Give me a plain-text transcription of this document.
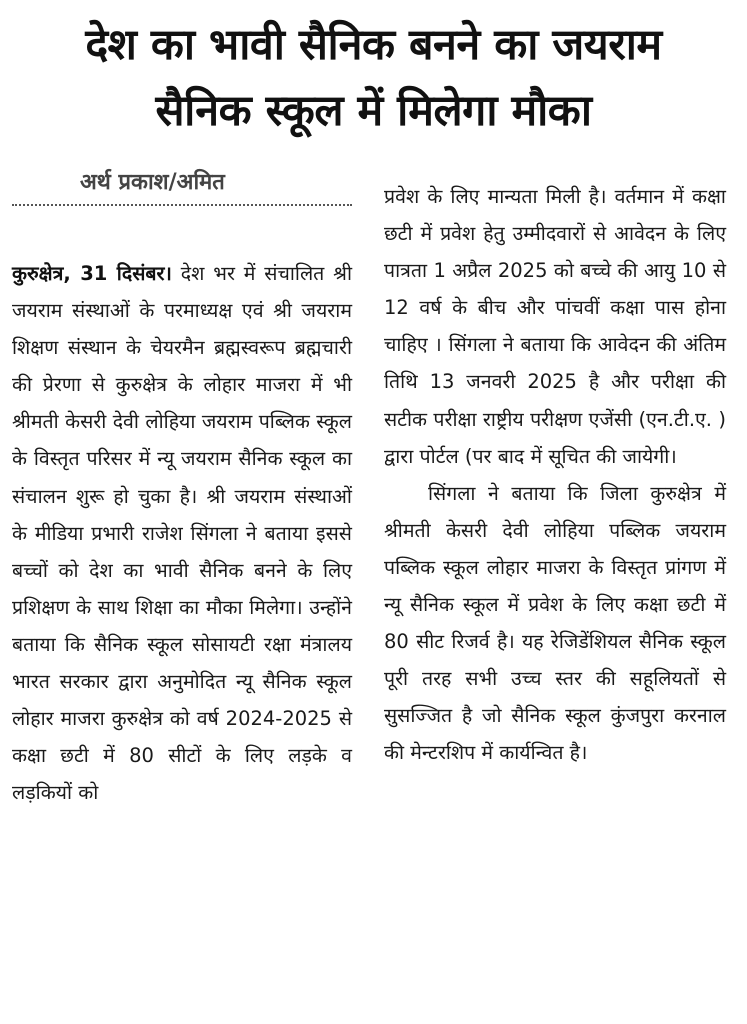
देश का भावी सैनिक बनने का जयराम
सैनिक स्कूल में मिलेगा मौका
अर्थ प्रकाश/अमित

कुरुक्षेत्र, 31 दिसंबर। देश भर में संचालित श्री जयराम संस्थाओं के परमाध्यक्ष एवं श्री जयराम शिक्षण संस्थान के चेयरमैन ब्रह्मस्वरूप ब्रह्मचारी की प्रेरणा से कुरुक्षेत्र के लोहार माजरा में भी श्रीमती केसरी देवी लोहिया जयराम पब्लिक स्कूल के विस्तृत परिसर में न्यू जयराम सैनिक स्कूल का संचालन शुरू हो चुका है। श्री जयराम संस्थाओं के मीडिया प्रभारी राजेश सिंगला ने बताया इससे बच्चों को देश का भावी सैनिक बनने के लिए प्रशिक्षण के साथ शिक्षा का मौका मिलेगा। उन्होंने बताया कि सैनिक स्कूल सोसायटी रक्षा मंत्रालय भारत सरकार द्वारा अनुमोदित न्यू सैनिक स्कूल लोहार माजरा कुरुक्षेत्र को वर्ष 2024-2025 से कक्षा छटी में 80 सीटों के लिए लड़के व लड़कियों को

प्रवेश के लिए मान्यता मिली है। वर्तमान में कक्षा छटी में प्रवेश हेतु उम्मीदवारों से आवेदन के लिए पात्रता 1 अप्रैल 2025 को बच्चे की आयु 10 से 12 वर्ष के बीच और पांचवीं कक्षा पास होना चाहिए । सिंगला ने बताया कि आवेदन की अंतिम तिथि 13 जनवरी 2025 है और परीक्षा की सटीक परीक्षा राष्ट्रीय परीक्षण एजेंसी (एन.टी.ए. ) द्वारा पोर्टल (पर बाद में सूचित की जायेगी।

सिंगला ने बताया कि जिला कुरुक्षेत्र में श्रीमती केसरी देवी लोहिया पब्लिक जयराम पब्लिक स्कूल लोहार माजरा के विस्तृत प्रांगण में न्यू सैनिक स्कूल में प्रवेश के लिए कक्षा छटी में 80 सीट रिजर्व है। यह रेजिडेंशियल सैनिक स्कूल पूरी तरह सभी उच्च स्तर की सहूलियतों से सुसज्जित है जो सैनिक स्कूल कुंजपुरा करनाल की मेन्टरशिप में कार्यन्वित है।
